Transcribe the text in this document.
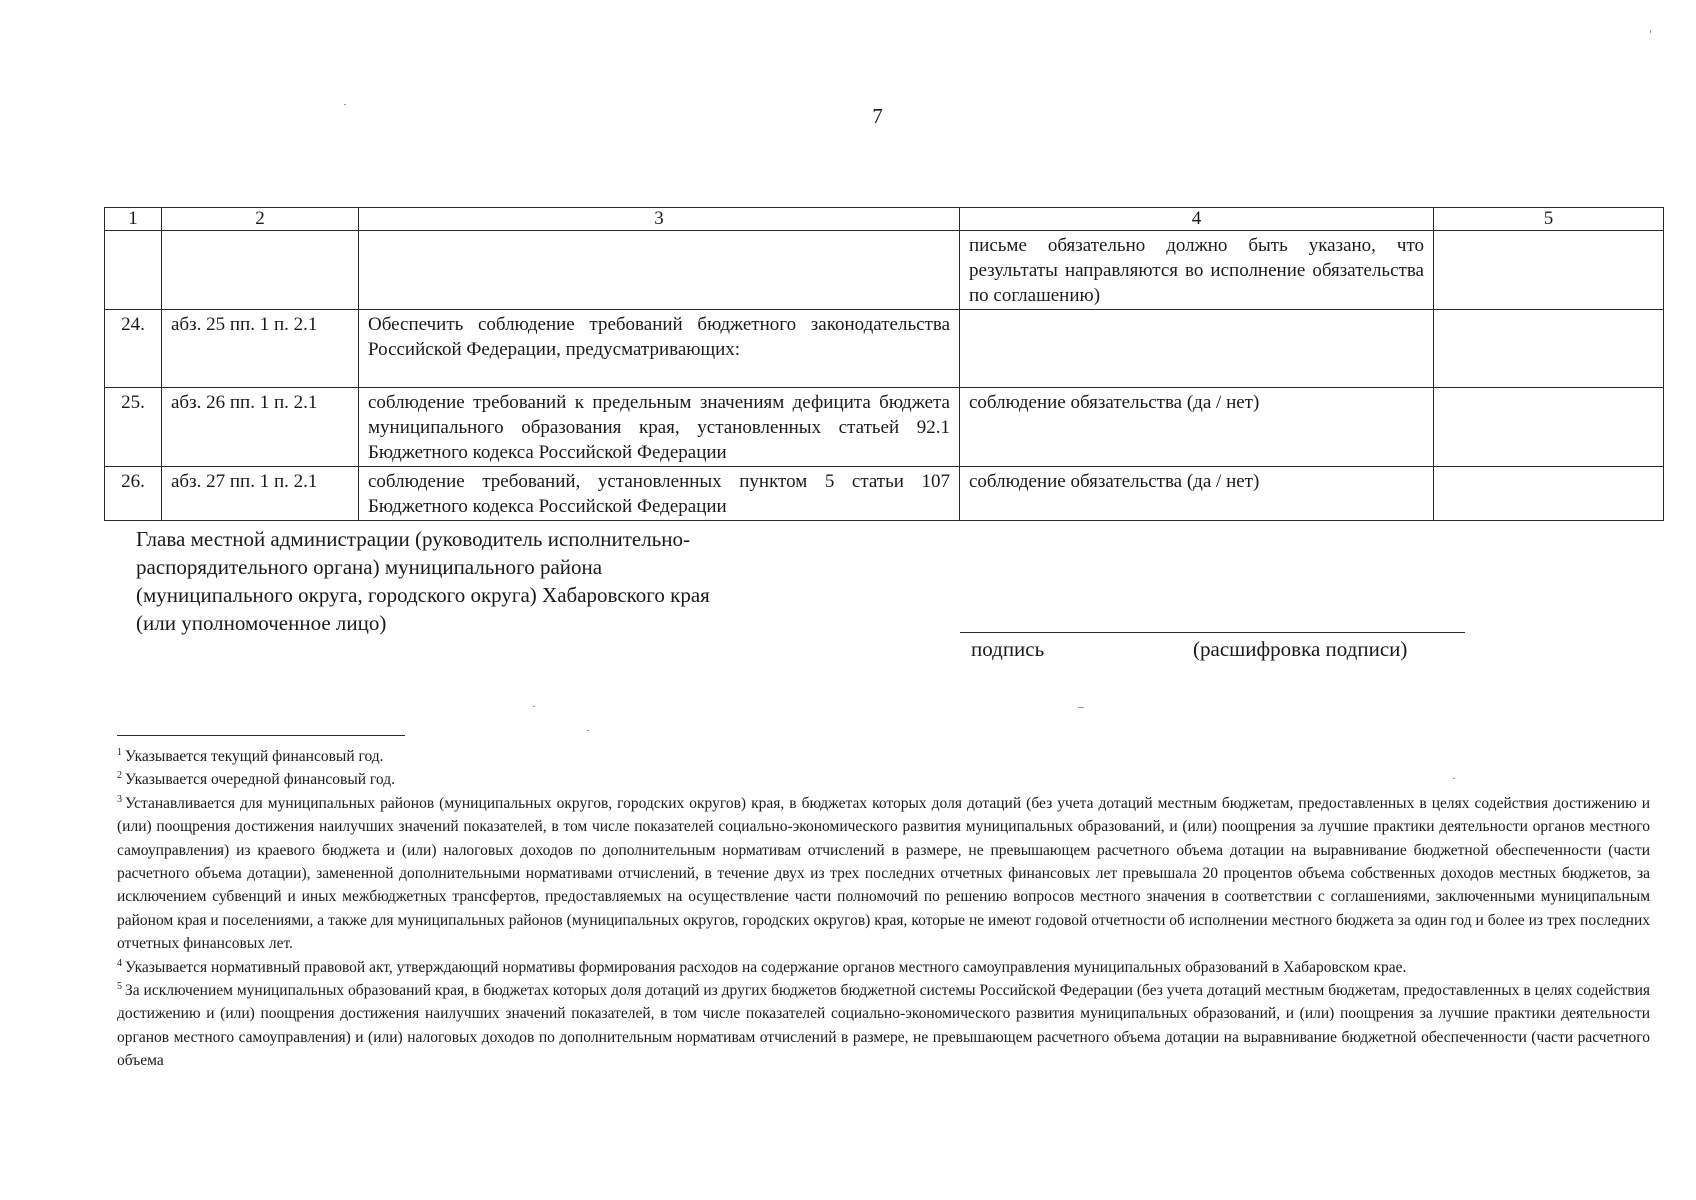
7
1	2	3	4	5
			письме обязательно должно быть указано, что результаты направляются во исполнение обязательства по соглашению)	
24.	абз. 25 пп. 1 п. 2.1	Обеспечить соблюдение требований бюджетного законодательства Российской Федерации, предусматривающих:		
25.	абз. 26 пп. 1 п. 2.1	соблюдение требований к предельным значениям дефицита бюджета муниципального образования края, установленных статьей 92.1 Бюджетного кодекса Российской Федерации	соблюдение обязательства (да / нет)	
26.	абз. 27 пп. 1 п. 2.1	соблюдение требований, установленных пунктом 5 статьи 107 Бюджетного кодекса Российской Федерации	соблюдение обязательства (да / нет)	
Глава местной администрации (руководитель исполнительно-
распорядительного органа) муниципального района
(муниципального округа, городского округа) Хабаровского края
(или уполномоченное лицо)
подпись	(расшифровка подписи)

$^1$ Указывается текущий финансовый год.

$^2$ Указывается очередной финансовый год.

$^3$ Устанавливается для муниципальных районов (муниципальных округов, городских округов) края, в бюджетах которых доля дотаций (без учета дотаций местным бюджетам, предоставленных в целях содействия достижению и (или) поощрения достижения наилучших значений показателей, в том числе показателей социально-экономического развития муниципальных образований, и (или) поощрения за лучшие практики деятельности органов местного самоуправления) из краевого бюджета и (или) налоговых доходов по дополнительным нормативам отчислений в размере, не превышающем расчетного объема дотации на выравнивание бюджетной обеспеченности (части расчетного объема дотации), замененной дополнительными нормативами отчислений, в течение двух из трех последних отчетных финансовых лет превышала 20 процентов объема собственных доходов местных бюджетов, за исключением субвенций и иных межбюджетных трансфертов, предоставляемых на осуществление части полномочий по решению вопросов местного значения в соответствии с соглашениями, заключенными муниципальным районом края и поселениями, а также для муниципальных районов (муниципальных округов, городских округов) края, которые не имеют годовой отчетности об исполнении местного бюджета за один год и более из трех последних отчетных финансовых лет.

$^4$ Указывается нормативный правовой акт, утверждающий нормативы формирования расходов на содержание органов местного самоуправления муниципальных образований в Хабаровском крае.

$^5$ За исключением муниципальных образований края, в бюджетах которых доля дотаций из других бюджетов бюджетной системы Российской Федерации (без учета дотаций местным бюджетам, предоставленных в целях содействия достижению и (или) поощрения достижения наилучших значений показателей, в том числе показателей социально-экономического развития муниципальных образований, и (или) поощрения за лучшие практики деятельности органов местного самоуправления) и (или) налоговых доходов по дополнительным нормативам отчислений в размере, не превышающем расчетного объема дотации на выравнивание бюджетной обеспеченности (части расчетного объема
